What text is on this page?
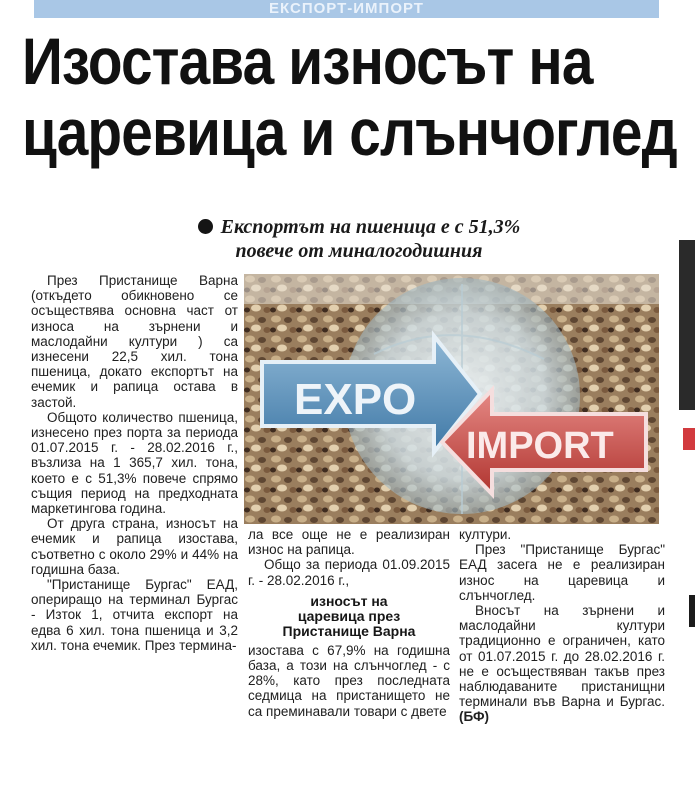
ЕКСПОРТ-ИМПОРТ
Изостава износът на
царевица и слънчоглед
Експортът на пшеница е с 51,3%
повече от миналогодишния

През Пристанище Варна (откъдето обикновено се осъществява основна част от износа на зърнени и маслодайни култури ) са изнесени 22,5 хил. тона пшеница, докато експортът на ечемик и рапица остава в застой.

Общото количество пшеница, изнесено през порта за периода 01.07.2015 г. - 28.02.2016 г., възлиза на 1 365,7 хил. тона, което е с 51,3% повече спрямо същия период на предходната маркетингова година.

От друга страна, износът на ечемик и рапица изостава, съответно с около 29% и 44% на годишна база.

"Пристанище Бургас" ЕАД, опериращо на терминал Бургас - Изток 1, отчита експорт на едва 6 хил. тона пшеница и 3,2 хил. тона ечемик. През термина-

EXPO
IMPORT

ла все още не е реализиран износ на рапица.

Общо за периода 01.09.2015 г. - 28.02.2016 г.,

износът на
царевица през
Пристанище Варна

изостава с 67,9% на годишна база, а този на слънчоглед - с 28%, като през последната седмица на пристанището не са преминавали товари с двете

култури.

През "Пристанище Бургас" ЕАД засега не е реализиран износ на царевица и слънчоглед.

Вносът на зърнени и маслодайни култури традиционно е ограничен, като от 01.07.2015 г. до 28.02.2016 г. не е осъществяван такъв през наблюдаваните пристанищни терминали във Варна и Бургас. (БФ)
